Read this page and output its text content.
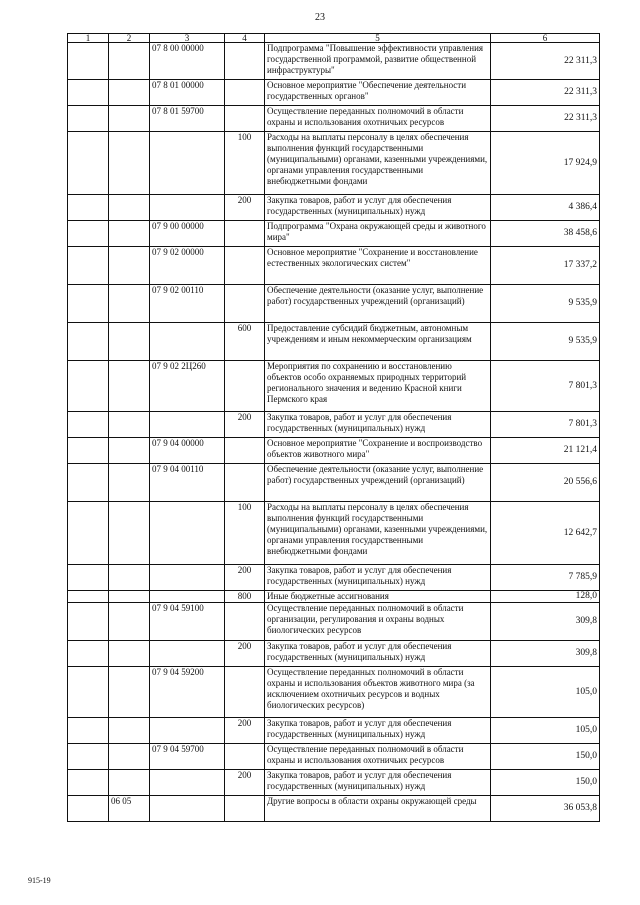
23
1	2	3	4	5	6
		07 8 00 00000		Подпрограмма "Повышение эффективности управления государственной программой, развитие общественной инфраструктуры"	22 311,3
		07 8 01 00000		Основное мероприятие "Обеспечение деятельности государственных органов"	22 311,3
		07 8 01 59700		Осуществление переданных полномочий в области охраны и использования охотничьих ресурсов	22 311,3
			100	Расходы на выплаты персоналу в целях обеспечения выполнения функций государственными (муниципальными) органами, казенными учреждениями, органами управления государственными внебюджетными фондами	17 924,9
			200	Закупка товаров, работ и услуг для обеспечения государственных (муниципальных) нужд	4 386,4
		07 9 00 00000		Подпрограмма "Охрана окружающей среды и животного мира"	38 458,6
		07 9 02 00000		Основное мероприятие "Сохранение и восстановление естественных экологических систем"	17 337,2
		07 9 02 00110		Обеспечение деятельности (оказание услуг, выполнение работ) государственных учреждений (организаций)	9 535,9
			600	Предоставление субсидий бюджетным, автономным учреждениям и иным некоммерческим организациям	9 535,9
		07 9 02 2Ц260		Мероприятия по сохранению и восстановлению объектов особо охраняемых природных территорий регионального значения и ведению Красной книги Пермского края	7 801,3
			200	Закупка товаров, работ и услуг для обеспечения государственных (муниципальных) нужд	7 801,3
		07 9 04 00000		Основное мероприятие "Сохранение и воспроизводство объектов животного мира"	21 121,4
		07 9 04 00110		Обеспечение деятельности (оказание услуг, выполнение работ) государственных учреждений (организаций)	20 556,6
			100	Расходы на выплаты персоналу в целях обеспечения выполнения функций государственными (муниципальными) органами, казенными учреждениями, органами управления государственными внебюджетными фондами	12 642,7
			200	Закупка товаров, работ и услуг для обеспечения государственных (муниципальных) нужд	7 785,9
			800	Иные бюджетные ассигнования	128,0
		07 9 04 59100		Осуществление переданных полномочий в области организации, регулирования и охраны водных биологических ресурсов	309,8
			200	Закупка товаров, работ и услуг для обеспечения государственных (муниципальных) нужд	309,8
		07 9 04 59200		Осуществление переданных полномочий в области охраны и использования объектов животного мира (за исключением охотничьих ресурсов и водных биологических ресурсов)	105,0
			200	Закупка товаров, работ и услуг для обеспечения государственных (муниципальных) нужд	105,0
		07 9 04 59700		Осуществление переданных полномочий в области охраны и использования охотничьих ресурсов	150,0
			200	Закупка товаров, работ и услуг для обеспечения государственных (муниципальных) нужд	150,0
	06 05			Другие вопросы в области охраны окружающей среды	36 053,8
915-19
